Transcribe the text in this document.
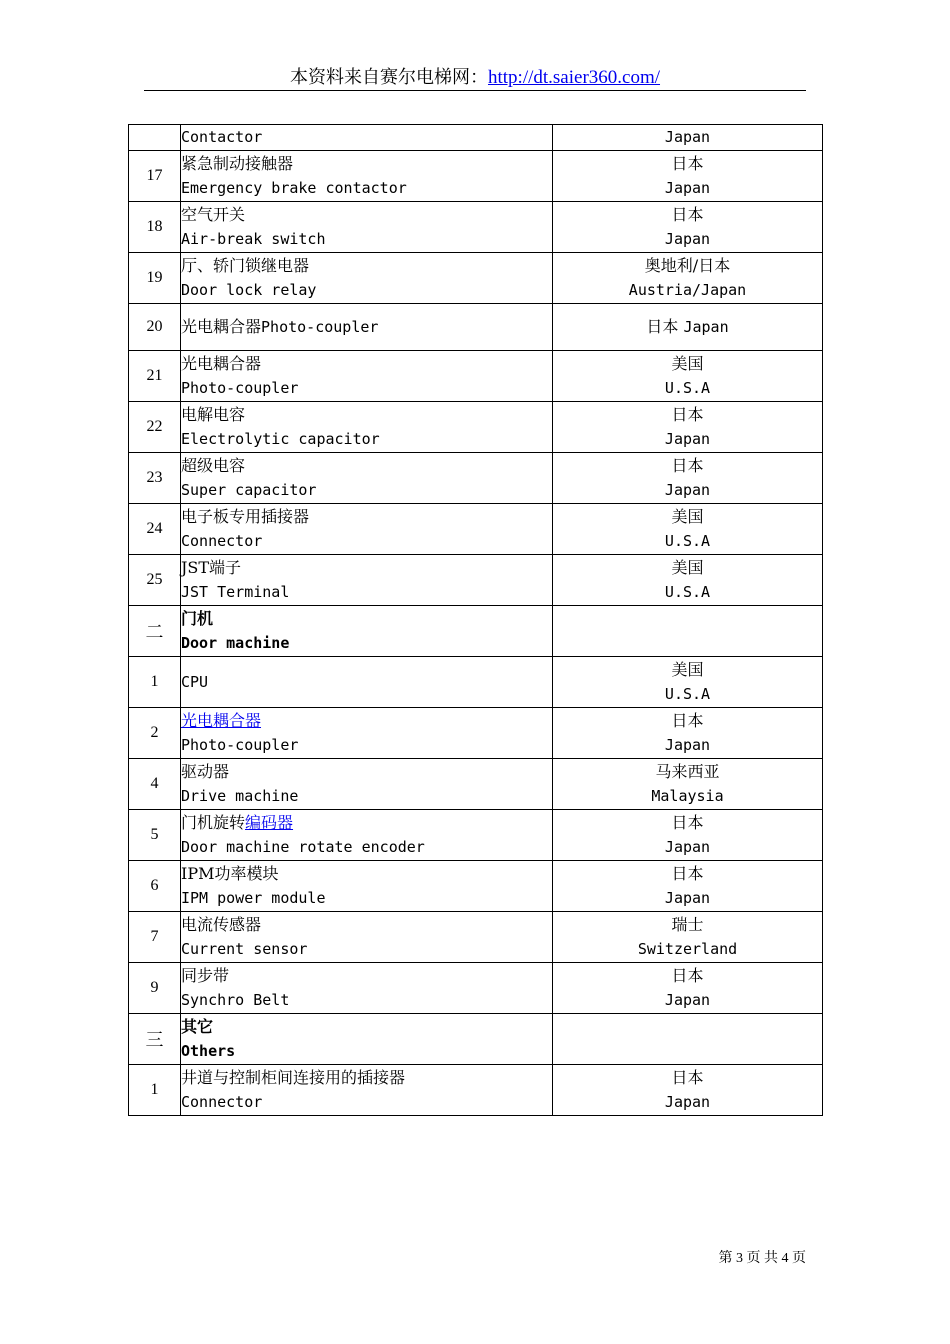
本资料来自赛尔电梯网：http://dt.saier360.com/

	Contactor	Japan

17	紧急制动接触器
Emergency brake contactor	日本
Japan

18	空气开关
Air-break switch	日本
Japan

19	厅、轿门锁继电器
Door lock relay	奥地利/日本
Austria/Japan

20	光电耦合器Photo-coupler	日本 Japan

21	光电耦合器
Photo-coupler	美国
U.S.A

22	电解电容
Electrolytic capacitor	日本
Japan

23	超级电容
Super capacitor	日本
Japan

24	电子板专用插接器
Connector	美国
U.S.A

25	JST端子
JST Terminal	美国
U.S.A

二	门机
Door machine	

1	CPU	美国
U.S.A

2	光电耦合器
Photo-coupler	日本
Japan

4	驱动器
Drive machine	马来西亚
Malaysia

5	门机旋转编码器
Door machine rotate encoder	日本
Japan

6	IPM功率模块
IPM power module	日本
Japan

7	电流传感器
Current sensor	瑞士
Switzerland

9	同步带
Synchro Belt	日本
Japan

三	其它
Others	

1	井道与控制柜间连接用的插接器
Connector	日本
Japan
第 3 页 共 4 页
